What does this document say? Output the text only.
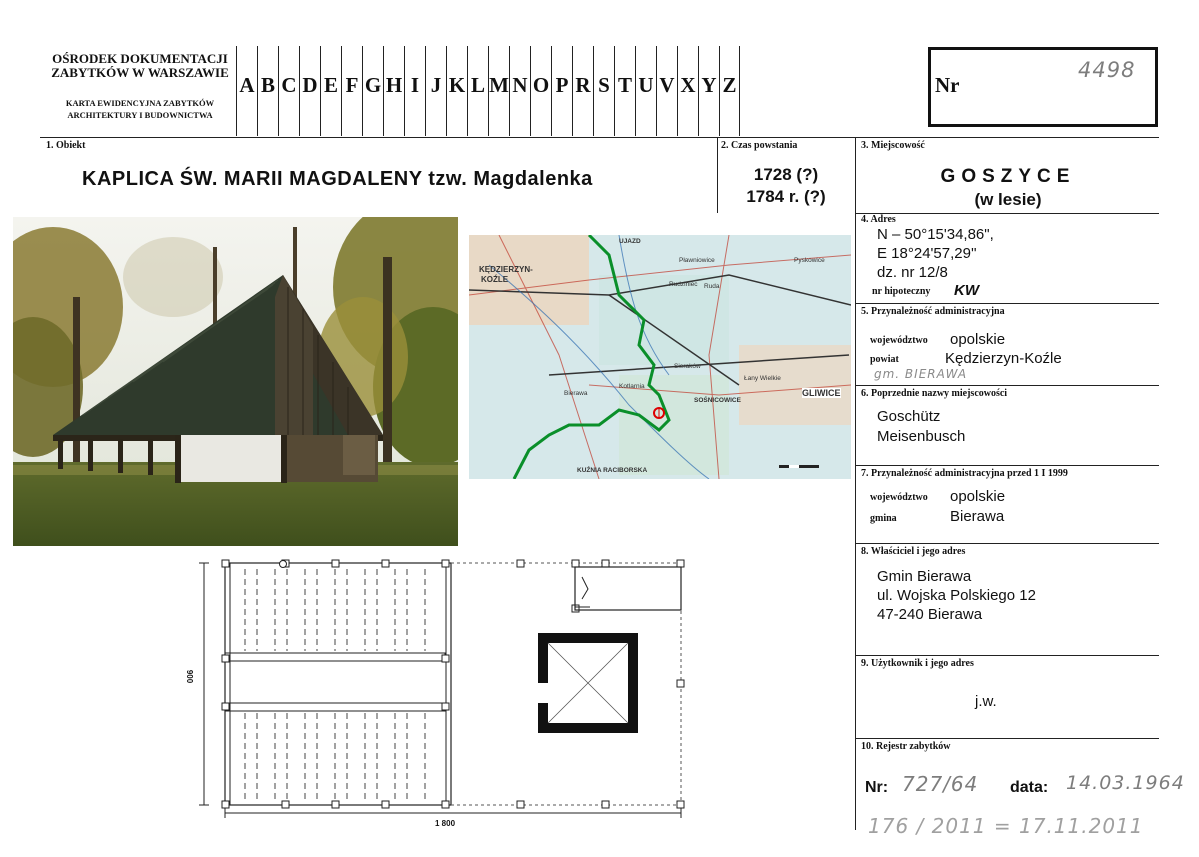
OŚRODEK DOKUMENTACJI ZABYTKÓW W WARSZAWIE
KARTA EWIDENCYJNA ZABYTKÓW ARCHITEKTURY I BUDOWNICTWA
A B C D E F G H I J K L M N O P R S T U V X Y Z	Nr
4498
1. Obiekt
KAPLICA ŚW. MARII MAGDALENY tzw. Magdalenka
2. Czas powstania
1728 (?)
1784 r. (?)
3. Miejscowość
GOSZYCE
(w lesie)
4. Adres
N – 50°15'34,86",
E 18°24'57,29''
dz. nr 12/8
nr hipoteczny KW
5. Przynależność administracyjna
województwo opolskie
powiat	Kędzierzyn-Koźle
gm. BIERAWA
6. Poprzednie nazwy miejscowości
Goschütz
Meisenbusch
7. Przynależność administracyjna przed 1 I 1999
województwo opolskie
gmina	Bierawa
8. Właściciel i jego adres
Gmin Bierawa
ul. Wojska Polskiego 12
47-240 Bierawa
9. Użytkownik i jego adres
j.w.
10. Rejestr zabytków
Nr: 727/64 data: 14.03.1964
176 / 2011 = 17.11.2011
KĘDZIERZYN-
KOŹLE
GLIWICE
SOŚNICOWICE
KUŹNIA RACIBORSKA
UJAZD
Ruda
Rudziniec
Bierawa
Kotlarnia
Sieraków
Łany Wielkie
Pyskowice
Pławniowice
900
1 800
